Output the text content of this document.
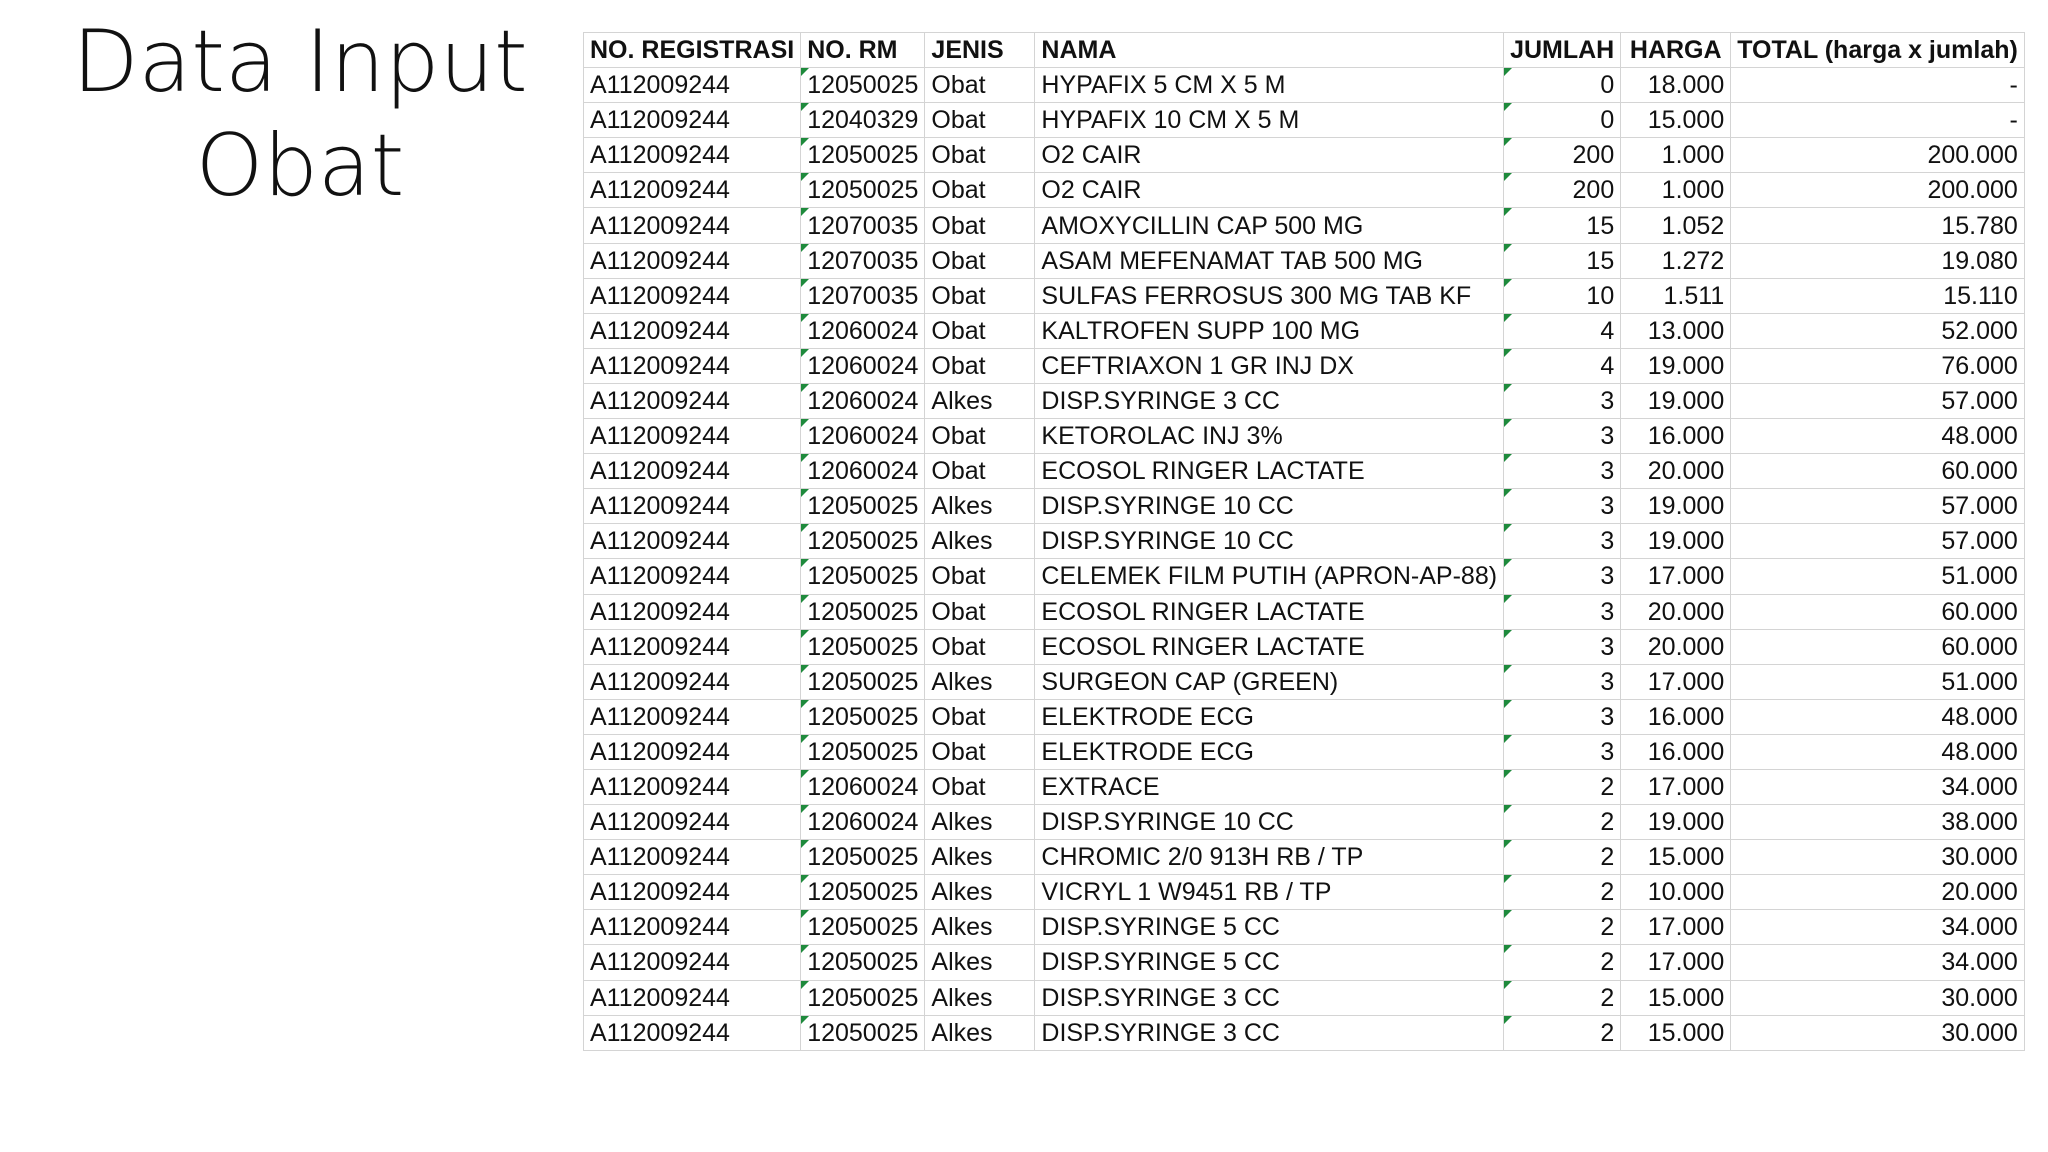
Data Input
Obat
NO. REGISTRASI	NO. RM	JENIS	NAMA	JUMLAH	HARGA	TOTAL (harga x jumlah)
A112009244	12050025	Obat	HYPAFIX 5 CM X 5 M	0	18.000	-
A112009244	12040329	Obat	HYPAFIX 10 CM X 5 M	0	15.000	-
A112009244	12050025	Obat	O2 CAIR	200	1.000	200.000
A112009244	12050025	Obat	O2 CAIR	200	1.000	200.000
A112009244	12070035	Obat	AMOXYCILLIN CAP 500 MG	15	1.052	15.780
A112009244	12070035	Obat	ASAM MEFENAMAT TAB 500 MG	15	1.272	19.080
A112009244	12070035	Obat	SULFAS FERROSUS 300 MG TAB KF	10	1.511	15.110
A112009244	12060024	Obat	KALTROFEN SUPP 100 MG	4	13.000	52.000
A112009244	12060024	Obat	CEFTRIAXON 1 GR INJ DX	4	19.000	76.000
A112009244	12060024	Alkes	DISP.SYRINGE 3 CC	3	19.000	57.000
A112009244	12060024	Obat	KETOROLAC INJ 3%	3	16.000	48.000
A112009244	12060024	Obat	ECOSOL RINGER LACTATE	3	20.000	60.000
A112009244	12050025	Alkes	DISP.SYRINGE 10 CC	3	19.000	57.000
A112009244	12050025	Alkes	DISP.SYRINGE 10 CC	3	19.000	57.000
A112009244	12050025	Obat	CELEMEK FILM PUTIH (APRON-AP-88)	3	17.000	51.000
A112009244	12050025	Obat	ECOSOL RINGER LACTATE	3	20.000	60.000
A112009244	12050025	Obat	ECOSOL RINGER LACTATE	3	20.000	60.000
A112009244	12050025	Alkes	SURGEON CAP (GREEN)	3	17.000	51.000
A112009244	12050025	Obat	ELEKTRODE ECG	3	16.000	48.000
A112009244	12050025	Obat	ELEKTRODE ECG	3	16.000	48.000
A112009244	12060024	Obat	EXTRACE	2	17.000	34.000
A112009244	12060024	Alkes	DISP.SYRINGE 10 CC	2	19.000	38.000
A112009244	12050025	Alkes	CHROMIC 2/0 913H RB / TP	2	15.000	30.000
A112009244	12050025	Alkes	VICRYL 1 W9451 RB / TP	2	10.000	20.000
A112009244	12050025	Alkes	DISP.SYRINGE 5 CC	2	17.000	34.000
A112009244	12050025	Alkes	DISP.SYRINGE 5 CC	2	17.000	34.000
A112009244	12050025	Alkes	DISP.SYRINGE 3 CC	2	15.000	30.000
A112009244	12050025	Alkes	DISP.SYRINGE 3 CC	2	15.000	30.000
